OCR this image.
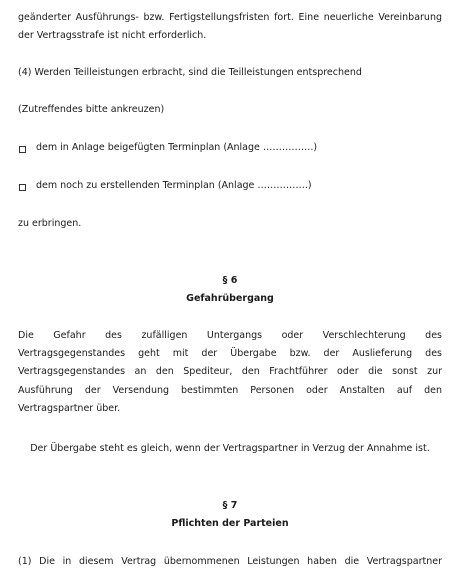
geänderter Ausführungs- bzw. Fertigstellungsfristen fort. Eine neuerliche Vereinbarung
der Vertragsstrafe ist nicht erforderlich.
(4) Werden Teilleistungen erbracht, sind die Teilleistungen entsprechend
(Zutreffendes bitte ankreuzen)
dem in Anlage beigefügten Terminplan (Anlage …………….)
dem noch zu erstellenden Terminplan (Anlage …………….)
zu erbringen.
§ 6
Gefahrübergang
Die Gefahr des zufälligen Untergangs oder Verschlechterung des
Vertragsgegenstandes geht mit der Übergabe bzw. der Auslieferung des
Vertragsgegenstandes an den Spediteur, den Frachtführer oder die sonst zur
Ausführung der Versendung bestimmten Personen oder Anstalten auf den
Vertragspartner über.
Der Übergabe steht es gleich, wenn der Vertragspartner in Verzug der Annahme ist.
§ 7
Pflichten der Parteien
(1) Die in diesem Vertrag übernommenen Leistungen haben die Vertragspartner
